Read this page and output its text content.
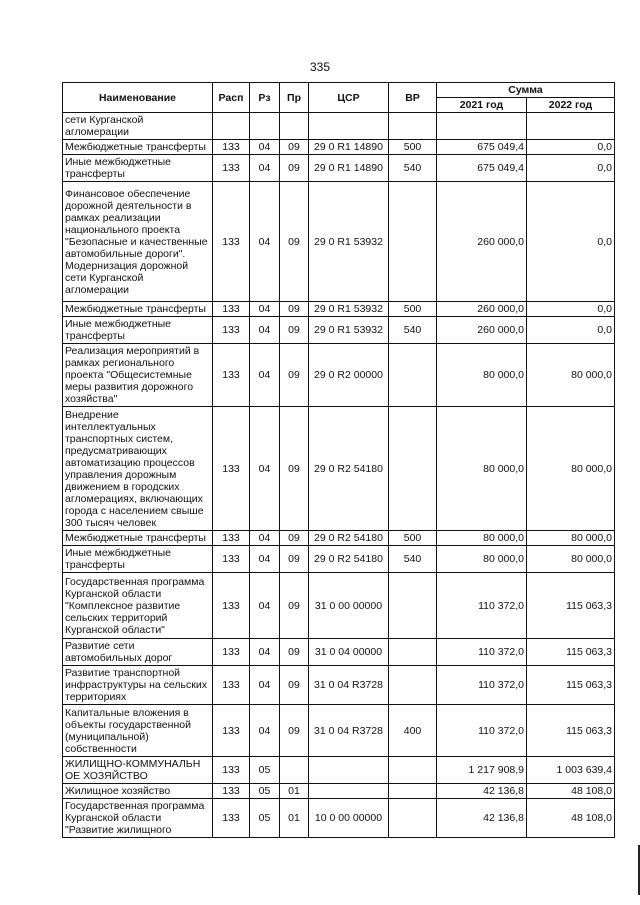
335
Наименование	Расп	Рз	Пр	ЦСР	ВР	Сумма	
						2021 год	2022 год
сети Курганской агломерации							
Межбюджетные трансферты	133	04	09	29 0 R1 14890	500	675 049,4	0,0
Иные межбюджетные трансферты	133	04	09	29 0 R1 14890	540	675 049,4	0,0
Финансовое обеспечение дорожной деятельности в рамках реализации национального проекта "Безопасные и качественные автомобильные дороги". Модернизация дорожной сети Курганской агломерации	133	04	09	29 0 R1 53932		260 000,0	0,0
Межбюджетные трансферты	133	04	09	29 0 R1 53932	500	260 000,0	0,0
Иные межбюджетные трансферты	133	04	09	29 0 R1 53932	540	260 000,0	0,0
Реализация мероприятий в рамках регионального проекта "Общесистемные меры развития дорожного хозяйства"	133	04	09	29 0 R2 00000		80 000,0	80 000,0
Внедрение интеллектуальных транспортных систем, предусматривающих автоматизацию процессов управления дорожным движением в городских агломерациях, включающих города с населением свыше 300 тысяч человек	133	04	09	29 0 R2 54180		80 000,0	80 000,0
Межбюджетные трансферты	133	04	09	29 0 R2 54180	500	80 000,0	80 000,0
Иные межбюджетные трансферты	133	04	09	29 0 R2 54180	540	80 000,0	80 000,0
Государственная программа Курганской области "Комплексное развитие сельских территорий Курганской области"	133	04	09	31 0 00 00000		110 372,0	115 063,3
Развитие сети автомобильных дорог	133	04	09	31 0 04 00000		110 372,0	115 063,3
Развитие транспортной инфраструктуры на сельских территориях	133	04	09	31 0 04 R3728		110 372,0	115 063,3
Капитальные вложения в объекты государственной (муниципальной) собственности	133	04	09	31 0 04 R3728	400	110 372,0	115 063,3
ЖИЛИЩНО-КОММУНАЛЬН ОЕ ХОЗЯЙСТВО	133	05				1 217 908,9	1 003 639,4
Жилищное хозяйство	133	05	01			42 136,8	48 108,0
Государственная программа Курганской области "Развитие жилищного	133	05	01	10 0 00 00000		42 136,8	48 108,0
